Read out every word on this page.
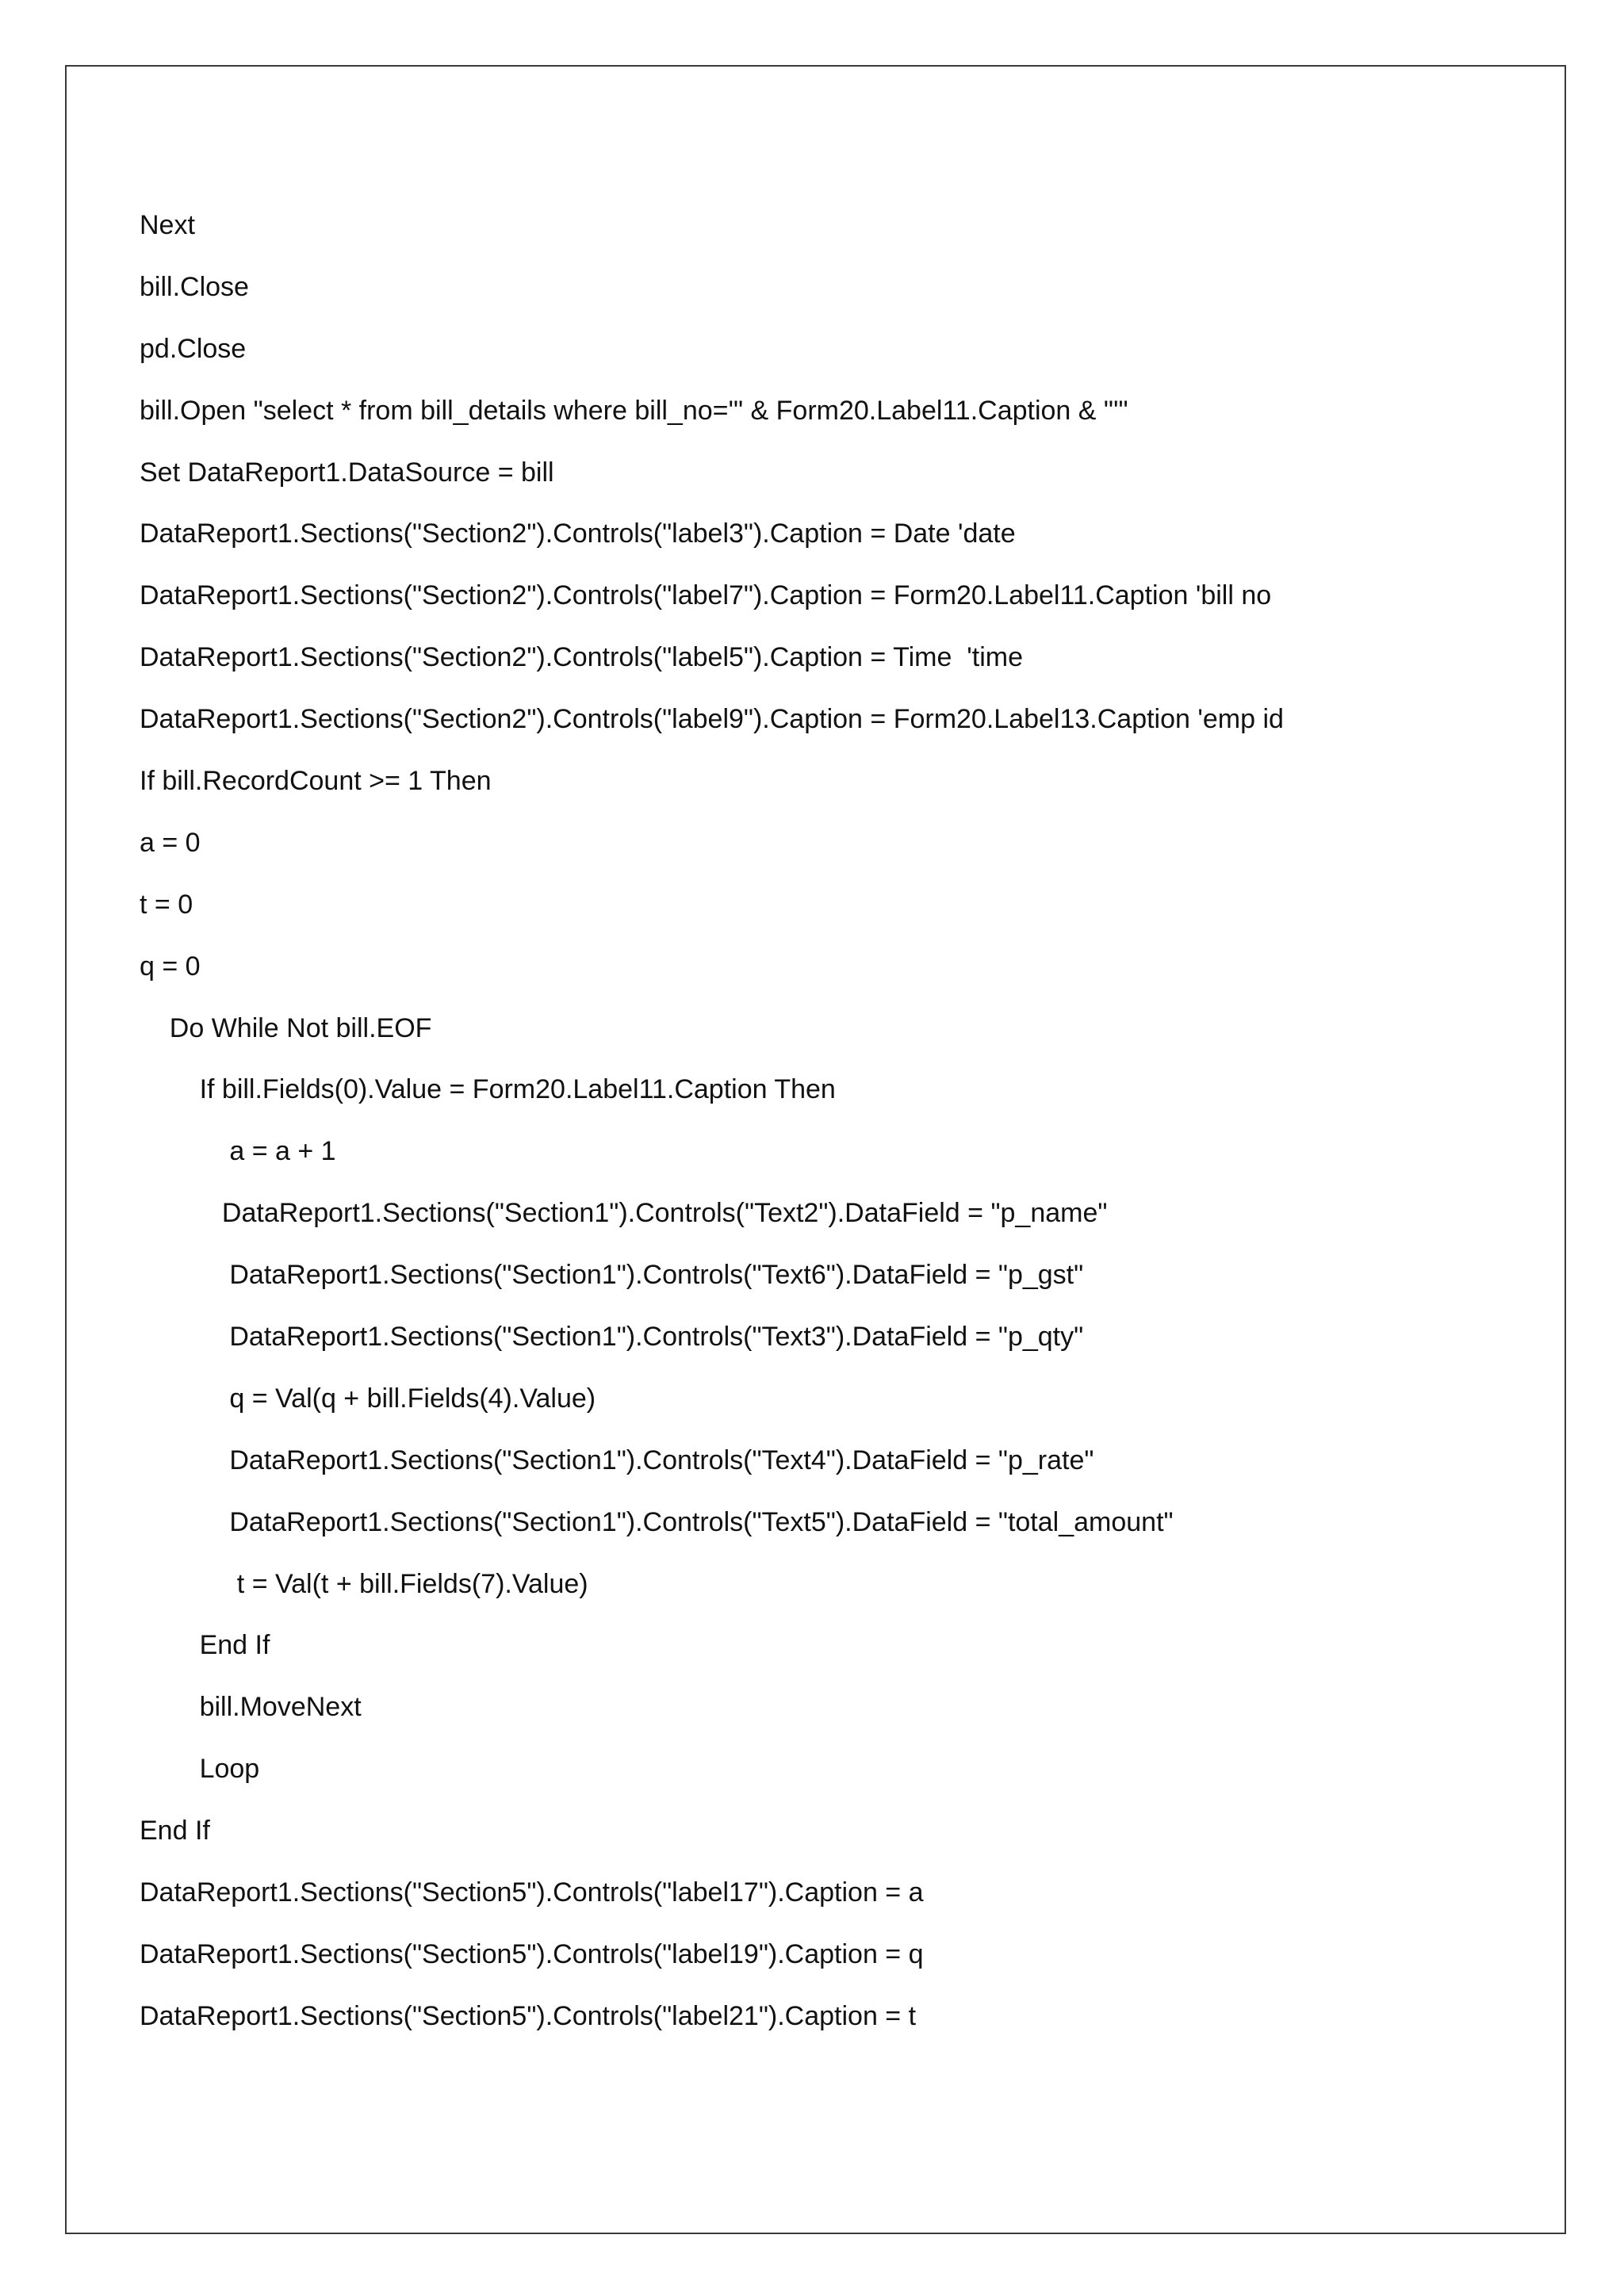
Next
bill.Close
pd.Close
bill.Open "select * from bill_details where bill_no='" & Form20.Label11.Caption & "'"
Set DataReport1.DataSource = bill
DataReport1.Sections("Section2").Controls("label3").Caption = Date 'date
DataReport1.Sections("Section2").Controls("label7").Caption = Form20.Label11.Caption 'bill no
DataReport1.Sections("Section2").Controls("label5").Caption = Time  'time
DataReport1.Sections("Section2").Controls("label9").Caption = Form20.Label13.Caption 'emp id
If bill.RecordCount >= 1 Then
a = 0
t = 0
q = 0
Do While Not bill.EOF
If bill.Fields(0).Value = Form20.Label11.Caption Then
a = a + 1
DataReport1.Sections("Section1").Controls("Text2").DataField = "p_name"
DataReport1.Sections("Section1").Controls("Text6").DataField = "p_gst"
DataReport1.Sections("Section1").Controls("Text3").DataField = "p_qty"
q = Val(q + bill.Fields(4).Value)
DataReport1.Sections("Section1").Controls("Text4").DataField = "p_rate"
DataReport1.Sections("Section1").Controls("Text5").DataField = "total_amount"
t = Val(t + bill.Fields(7).Value)
End If
bill.MoveNext
Loop
End If
DataReport1.Sections("Section5").Controls("label17").Caption = a
DataReport1.Sections("Section5").Controls("label19").Caption = q
DataReport1.Sections("Section5").Controls("label21").Caption = t
